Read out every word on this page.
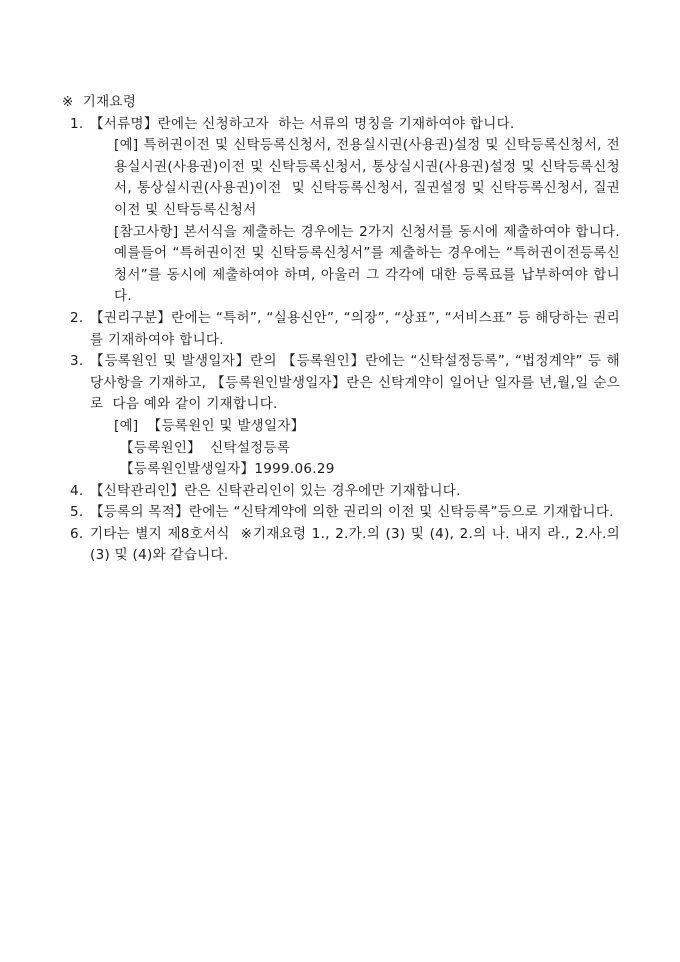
※  기재요령
1. 【서류명】란에는 신청하고자  하는 서류의 명칭을 기재하여야 합니다.
[예] 특허권이전 및 신탁등록신청서, 전용실시권(사용권)설정 및 신탁등록신청서, 전용실시권(사용권)이전 및 신탁등록신청서, 통상실시권(사용권)설정 및 신탁등록신청서, 통상실시권(사용권)이전  및 신탁등록신청서, 질권설정 및 신탁등록신청서, 질권이전 및 신탁등록신청서
[참고사항] 본서식을 제출하는 경우에는 2가지 신청서를 동시에 제출하여야 합니다. 예를들어 “특허권이전 및 신탁등록신청서”를 제출하는 경우에는 “특허권이전등록신청서”를 동시에 제출하여야 하며, 아울러 그 각각에 대한 등록료를 납부하여야 합니다.
2. 【권리구분】란에는 “특허”, “실용신안”, “의장”, “상표”, “서비스표” 등 해당하는 권리를 기재하여야 합니다.
3. 【등록원인 및 발생일자】란의 【등록원인】란에는 “신탁설정등록”, “법정계약” 등 해당사항을 기재하고, 【등록원인발생일자】란은 신탁계약이 일어난 일자를 년,월,일 순으로  다음 예와 같이 기재합니다.
[예]  【등록원인 및 발생일자】
【등록원인】  신탁설정등록
【등록원인발생일자】1999.06.29
4. 【신탁관리인】란은 신탁관리인이 있는 경우에만 기재합니다.
5. 【등록의 목적】란에는 “신탁계약에 의한 권리의 이전 및 신탁등록”등으로 기재합니다.
6. 기타는 별지 제8호서식  ※기재요령 1., 2.가.의 (3) 및 (4), 2.의 나. 내지 라., 2.사.의 (3) 및 (4)와 같습니다.
